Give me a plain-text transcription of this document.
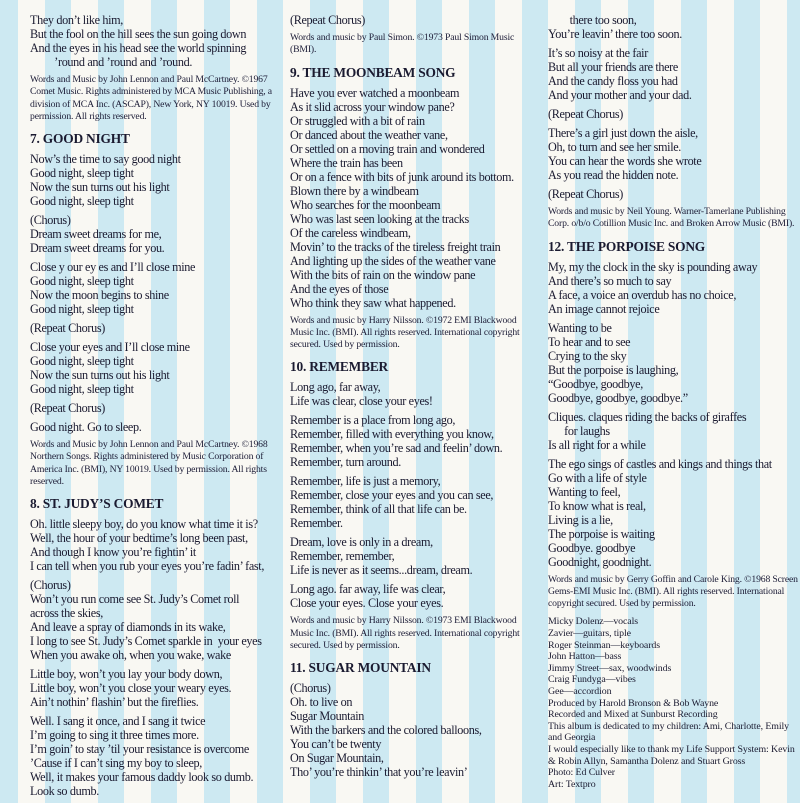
They don’t like him,
But the fool on the hill sees the sun going down
And the eyes in his head see the world spinning
’round and ’round and ’round.

Words and Music by John Lennon and Paul McCartney. ©1967 Comet Music. Rights administered by MCA Music Publishing, a division of MCA Inc. (ASCAP), New York, NY 10019. Used by permission. All rights reserved.

7. GOOD NIGHT
Now’s the time to say good night
Good night, sleep tight
Now the sun turns out his light
Good night, sleep tight
(Chorus)
Dream sweet dreams for me,
Dream sweet dreams for you.
Close y our ey es and I’ll close mine
Good night, sleep tight
Now the moon begins to shine
Good night, sleep tight
(Repeat Chorus)
Close your eyes and I’ll close mine
Good night, sleep tight
Now the sun turns out his light
Good night, sleep tight
(Repeat Chorus)
Good night. Go to sleep.

Words and Music by John Lennon and Paul McCartney. ©1968 Northern Songs. Rights administered by Music Corporation of America Inc. (BMI), NY 10019. Used by permission. All rights reserved.

8. ST. JUDY’S COMET
Oh. little sleepy boy, do you know what time it is?
Well, the hour of your bedtime’s long been past,
And though I know you’re fightin’ it
I can tell when you rub your eyes you’re fadin’ fast,
(Chorus)
Won’t you run come see St. Judy’s Comet roll
across the skies,
And leave a spray of diamonds in its wake,
I long to see St. Judy’s Comet sparkle in  your eyes
When you awake oh, when you wake, wake
Little boy, won’t you lay your body down,
Little boy, won’t you close your weary eyes.
Ain’t nothin’ flashin’ but the fireflies.
Well. I sang it once, and I sang it twice
I’m going to sing it three times more.
I’m goin’ to stay ’til your resistance is overcome
’Cause if I can’t sing my boy to sleep,
Well, it makes your famous daddy look so dumb.
Look so dumb.
(Repeat Chorus)

Words and music by Paul Simon. ©1973 Paul Simon Music (BMI).

9. THE MOONBEAM SONG
Have you ever watched a moonbeam
As it slid across your window pane?
Or struggled with a bit of rain
Or danced about the weather vane,
Or settled on a moving train and wondered
Where the train has been
Or on a fence with bits of junk around its bottom.
Blown there by a windbeam
Who searches for the moonbeam
Who was last seen looking at the tracks
Of the careless windbeam,
Movin’ to the tracks of the tireless freight train
And lighting up the sides of the weather vane
With the bits of rain on the window pane
And the eyes of those
Who think they saw what happened.

Words and music by Harry Nilsson. ©1972 EMI Blackwood Music Inc. (BMI). All rights reserved. International copyright secured. Used by permission.

10. REMEMBER
Long ago, far away,
Life was clear, close your eyes!
Remember is a place from long ago,
Remember, filled with everything you know,
Remember, when you’re sad and feelin’ down.
Remember, turn around.
Remember, life is just a memory,
Remember, close your eyes and you can see,
Remember, think of all that life can be.
Remember.
Dream, love is only in a dream,
Remember, remember,
Life is never as it seems...dream, dream.
Long ago. far away, life was clear,
Close your eyes. Close your eyes.

Words and music by Harry Nilsson. ©1973 EMI Blackwood Music Inc. (BMI). All rights reserved. International copyright secured. Used by permission.

11. SUGAR MOUNTAIN
(Chorus)
Oh. to live on
Sugar Mountain
With the barkers and the colored balloons,
You can’t be twenty
On Sugar Mountain,
Tho’ you’re thinkin’ that you’re leavin’
there too soon,
You’re leavin’ there too soon.
It’s so noisy at the fair
But all your friends are there
And the candy floss you had
And your mother and your dad.
(Repeat Chorus)
There’s a girl just down the aisle,
Oh, to turn and see her smile.
You can hear the words she wrote
As you read the hidden note.
(Repeat Chorus)

Words and music by Neil Young. Warner-Tamerlane Publishing Corp. o/b/o Cotillion Music Inc. and Broken Arrow Music (BMI).

12. THE PORPOISE SONG
My, my the clock in the sky is pounding away
And there’s so much to say
A face, a voice an overdub has no choice,
An image cannot rejoice
Wanting to be
To hear and to see
Crying to the sky
But the porpoise is laughing,
“Goodbye, goodbye,
Goodbye, goodbye, goodbye.”
Cliques. claques riding the backs of giraffes
for laughs
Is all right for a while
The ego sings of castles and kings and things that
Go with a life of style
Wanting to feel,
To know what is real,
Living is a lie,
The porpoise is waiting
Goodbye. goodbye
Goodnight, goodnight.

Words and music by Gerry Goffin and Carole King. ©1968 Screen Gems-EMI Music Inc. (BMI). All rights reserved. International copyright secured. Used by permission.

Micky Dolenz—vocals
Zavier—guitars, tiple
Roger Steinman—keyboards
John Hatton—bass
Jimmy Street—sax, woodwinds
Craig Fundyga—vibes
Gee—accordion
Produced by Harold Bronson & Bob Wayne
Recorded and Mixed at Sunburst Recording
This album is dedicated to my children: Ami, Charlotte, Emily and Georgia
I would especially like to thank my Life Support System: Kevin & Robin Allyn, Samantha Dolenz and Stuart Gross
Photo: Ed Culver
Art: Textpro
